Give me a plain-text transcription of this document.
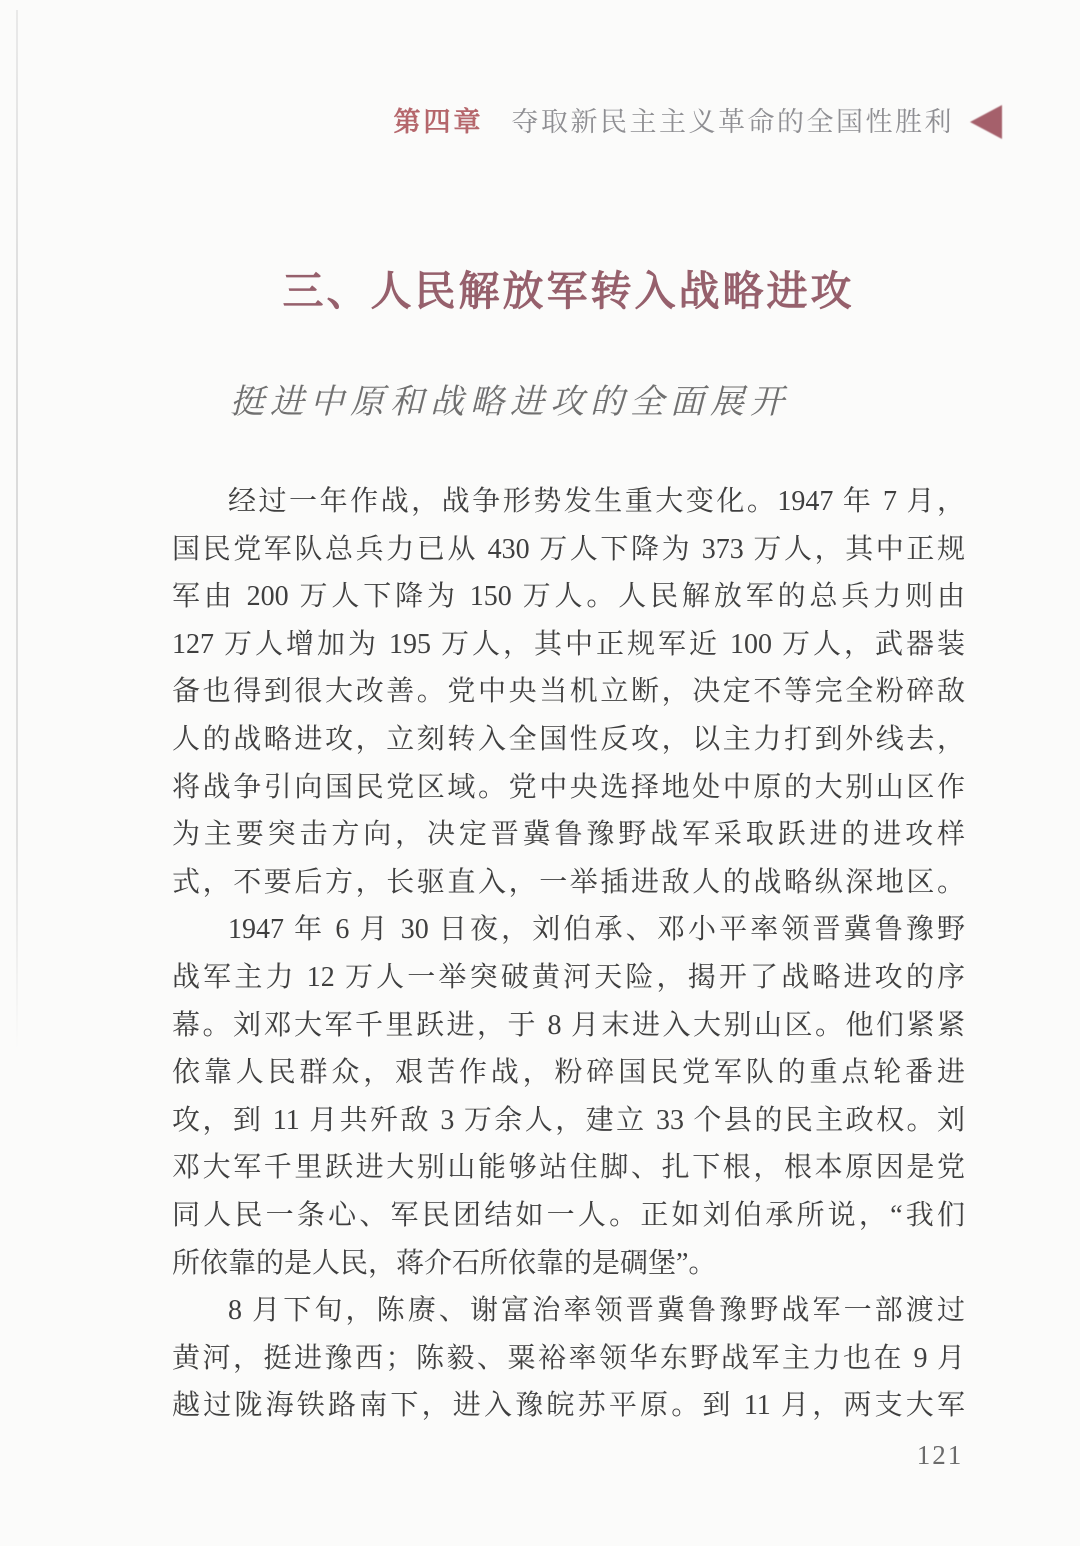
第四章 夺取新民主主义革命的全国性胜利
三、人民解放军转入战略进攻
挺进中原和战略进攻的全面展开
经过一年作战，战争形势发生重大变化。1947 年 7 月，
国民党军队总兵力已从 430 万人下降为 373 万人，其中正规
军由 200 万人下降为 150 万人。人民解放军的总兵力则由
127 万人增加为 195 万人，其中正规军近 100 万人，武器装
备也得到很大改善。党中央当机立断，决定不等完全粉碎敌
人的战略进攻，立刻转入全国性反攻，以主力打到外线去，
将战争引向国民党区域。党中央选择地处中原的大别山区作
为主要突击方向，决定晋冀鲁豫野战军采取跃进的进攻样
式，不要后方，长驱直入，一举插进敌人的战略纵深地区。
1947 年 6 月 30 日夜，刘伯承、邓小平率领晋冀鲁豫野
战军主力 12 万人一举突破黄河天险，揭开了战略进攻的序
幕。刘邓大军千里跃进，于 8 月末进入大别山区。他们紧紧
依靠人民群众，艰苦作战，粉碎国民党军队的重点轮番进
攻，到 11 月共歼敌 3 万余人，建立 33 个县的民主政权。刘
邓大军千里跃进大别山能够站住脚、扎下根，根本原因是党
同人民一条心、军民团结如一人。正如刘伯承所说，“我们
所依靠的是人民，蒋介石所依靠的是碉堡”。
8 月下旬，陈赓、谢富治率领晋冀鲁豫野战军一部渡过
黄河，挺进豫西；陈毅、粟裕率领华东野战军主力也在 9 月
越过陇海铁路南下，进入豫皖苏平原。到 11 月，两支大军
121
